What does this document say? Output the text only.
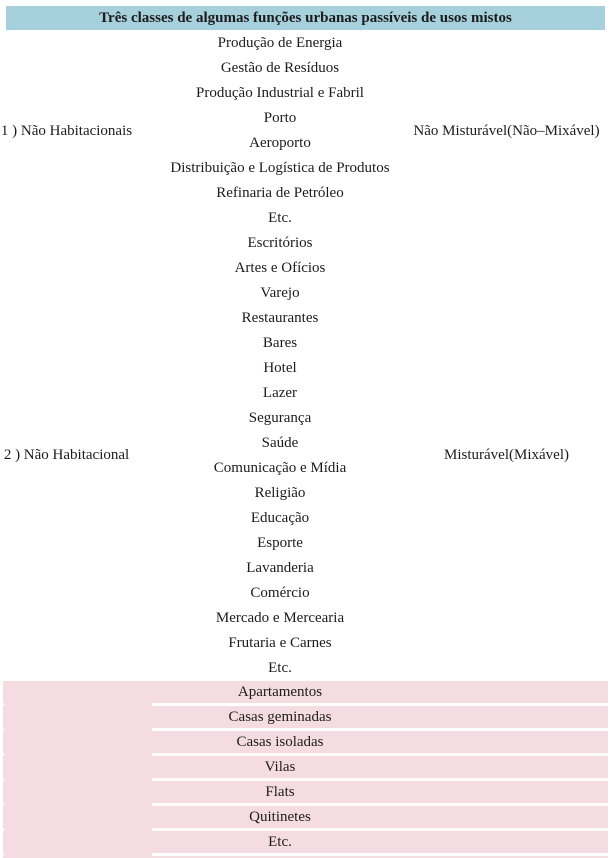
Três classes de algumas funções urbanas passíveis de usos mistos
Produção de Energia
Gestão de Resíduos
Produção Industrial e Fabril
Porto
Aeroporto
Distribuição e Logística de Produtos
Refinaria de Petróleo
Etc.
Escritórios
Artes e Ofícios
Varejo
Restaurantes
Bares
Hotel
Lazer
Segurança
Saúde
Comunicação e Mídia
Religião
Educação
Esporte
Lavanderia
Comércio
Mercado e Mercearia
Frutaria e Carnes
Etc.
1 ) Não Habitacionais	Não Misturável(Não–Mixável)
2 ) Não Habitacional	Misturável(Mixável)
Apartamentos
Casas geminadas
Casas isoladas
Vilas
Flats
Quitinetes
Etc.
